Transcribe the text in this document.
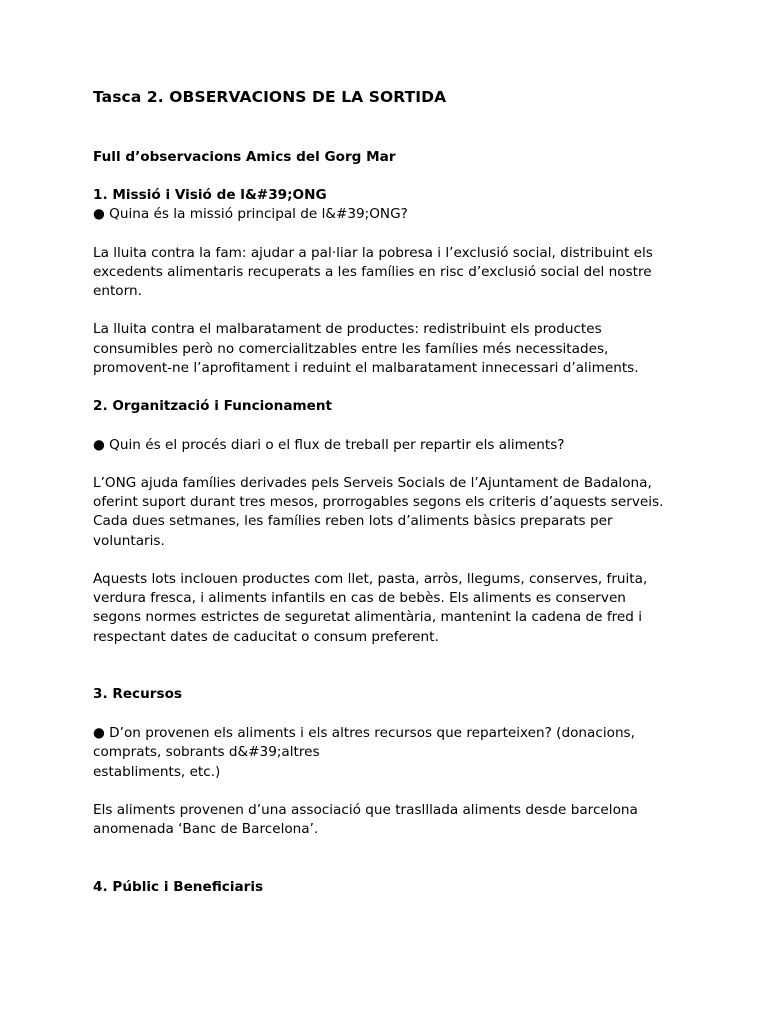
Tasca 2. OBSERVACIONS DE LA SORTIDA
Full d’observacions Amics del Gorg Mar
1. Missió i Visió de l&#39;ONG
● Quina és la missió principal de l&#39;ONG?
La lluita contra la fam: ajudar a pal·liar la pobresa i l’exclusió social, distribuint els
excedents alimentaris recuperats a les famílies en risc d’exclusió social del nostre
entorn.
La lluita contra el malbaratament de productes: redistribuint els productes
consumibles però no comercialitzables entre les famílies més necessitades,
promovent-ne l’aprofitament i reduint el malbaratament innecessari d’aliments.
2. Organització i Funcionament
● Quin és el procés diari o el flux de treball per repartir els aliments?
L’ONG ajuda famílies derivades pels Serveis Socials de l’Ajuntament de Badalona,
oferint suport durant tres mesos, prorrogables segons els criteris d’aquests serveis.
Cada dues setmanes, les famílies reben lots d’aliments bàsics preparats per
voluntaris.
Aquests lots inclouen productes com llet, pasta, arròs, llegums, conserves, fruita,
verdura fresca, i aliments infantils en cas de bebès. Els aliments es conserven
segons normes estrictes de seguretat alimentària, mantenint la cadena de fred i
respectant dates de caducitat o consum preferent.
3. Recursos
● D’on provenen els aliments i els altres recursos que reparteixen? (donacions,
comprats, sobrants d&#39;altres
establiments, etc.)
Els aliments provenen d’una associació que traslllada aliments desde barcelona
anomenada ‘Banc de Barcelona’.
4. Públic i Beneficiaris
